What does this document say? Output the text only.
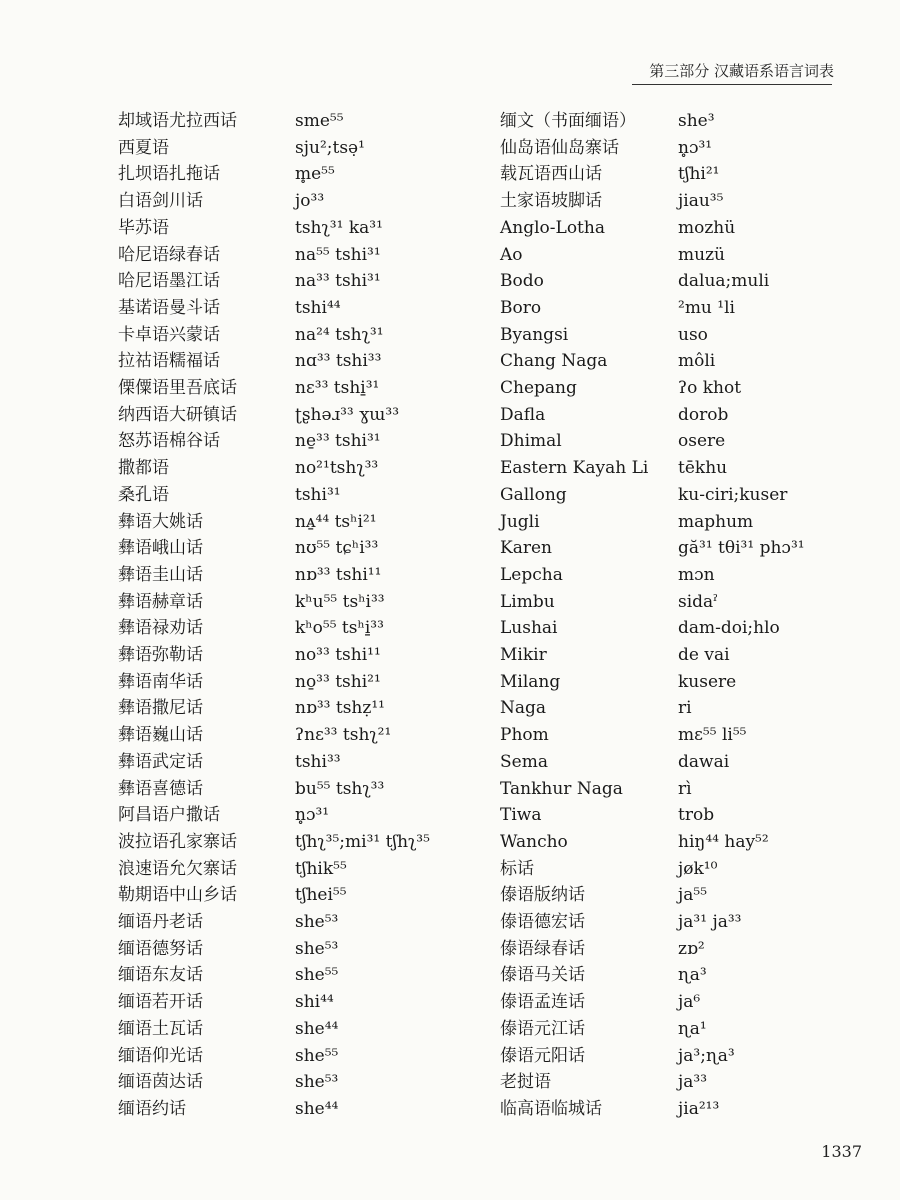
第三部分 汉藏语系语言词表
却域语尤拉西话	sme⁵⁵
西夏语	sju²;tsə̣¹
扎坝语扎拖话	m̥e⁵⁵
白语剑川话	jo³³
毕苏语	tshʅ³¹ ka³¹
哈尼语绿春话	na⁵⁵ tshi³¹
哈尼语墨江话	na³³ tshi³¹
基诺语曼斗话	tshi⁴⁴
卡卓语兴蒙话	na²⁴ tshʅ³¹
拉祜语糯福话	nɑ³³ tshi³³
傈僳语里吾底话	nɛ³³ tshi̱³¹
纳西语大研镇话	ʈʂhəɹ³³ ɣɯ³³
怒苏语棉谷话	ne̱³³ tshi³¹
撒都语	no²¹tshʅ³³
桑孔语	tshi³¹
彝语大姚话	nᴀ̱⁴⁴ tsʰi²¹
彝语峨山话	nʊ⁵⁵ tɕʰi³³
彝语圭山话	nɒ³³ tshi¹¹
彝语赫章话	kʰu⁵⁵ tsʰi³³
彝语禄劝话	kʰo⁵⁵ tsʰi̱³³
彝语弥勒话	no³³ tshi¹¹
彝语南华话	no̱³³ tshi²¹
彝语撒尼话	nɒ³³ tshẓ¹¹
彝语巍山话	ʔnɛ³³ tshʅ²¹
彝语武定话	tshi³³
彝语喜德话	bu⁵⁵ tshʅ³³
阿昌语户撒话	n̥ɔ³¹
波拉语孔家寨话	tʃhʅ³⁵;mi³¹ tʃhʅ³⁵
浪速语允欠寨话	tʃhik⁵⁵
勒期语中山乡话	tʃhei⁵⁵
缅语丹老话	she⁵³
缅语德努话	she⁵³
缅语东友话	she⁵⁵
缅语若开话	shi⁴⁴
缅语土瓦话	she⁴⁴
缅语仰光话	she⁵⁵
缅语茵达话	she⁵³
缅语约话	she⁴⁴
缅文（书面缅语） she³
仙岛语仙岛寨话	n̥ɔ³¹
载瓦语西山话	tʃhi²¹
土家语坡脚话	jiau³⁵
Anglo-Lotha	mozhü
Ao	muzü
Bodo	dalua;muli
Boro	²mu ¹li
Byangsi	uso
Chang Naga	môli
Chepang	ʔo khot
Dafla	dorob
Dhimal	osere
Eastern Kayah Li tēkhu
Gallong	ku-ciri;kuser
Jugli	maphum
Karen	gă³¹ tθi³¹ phɔ³¹
Lepcha	mɔn
Limbu	sidaˀ
Lushai	dam-doi;hlo
Mikir	de vai
Milang	kusere
Naga	ri
Phom	mɛ⁵⁵ li⁵⁵
Sema	dawai
Tankhur Naga	rì
Tiwa	trob
Wancho	hiŋ⁴⁴ hay⁵²
标话	jøk¹⁰
傣语版纳话	ja⁵⁵
傣语德宏话	ja³¹ ja³³
傣语绿春话	zɒ²
傣语马关话	ɳa³
傣语孟连话	ja⁶
傣语元江话	ɳa¹
傣语元阳话	ja³;ɳa³
老挝语	ja³³
临高语临城话	jia²¹³
1337
